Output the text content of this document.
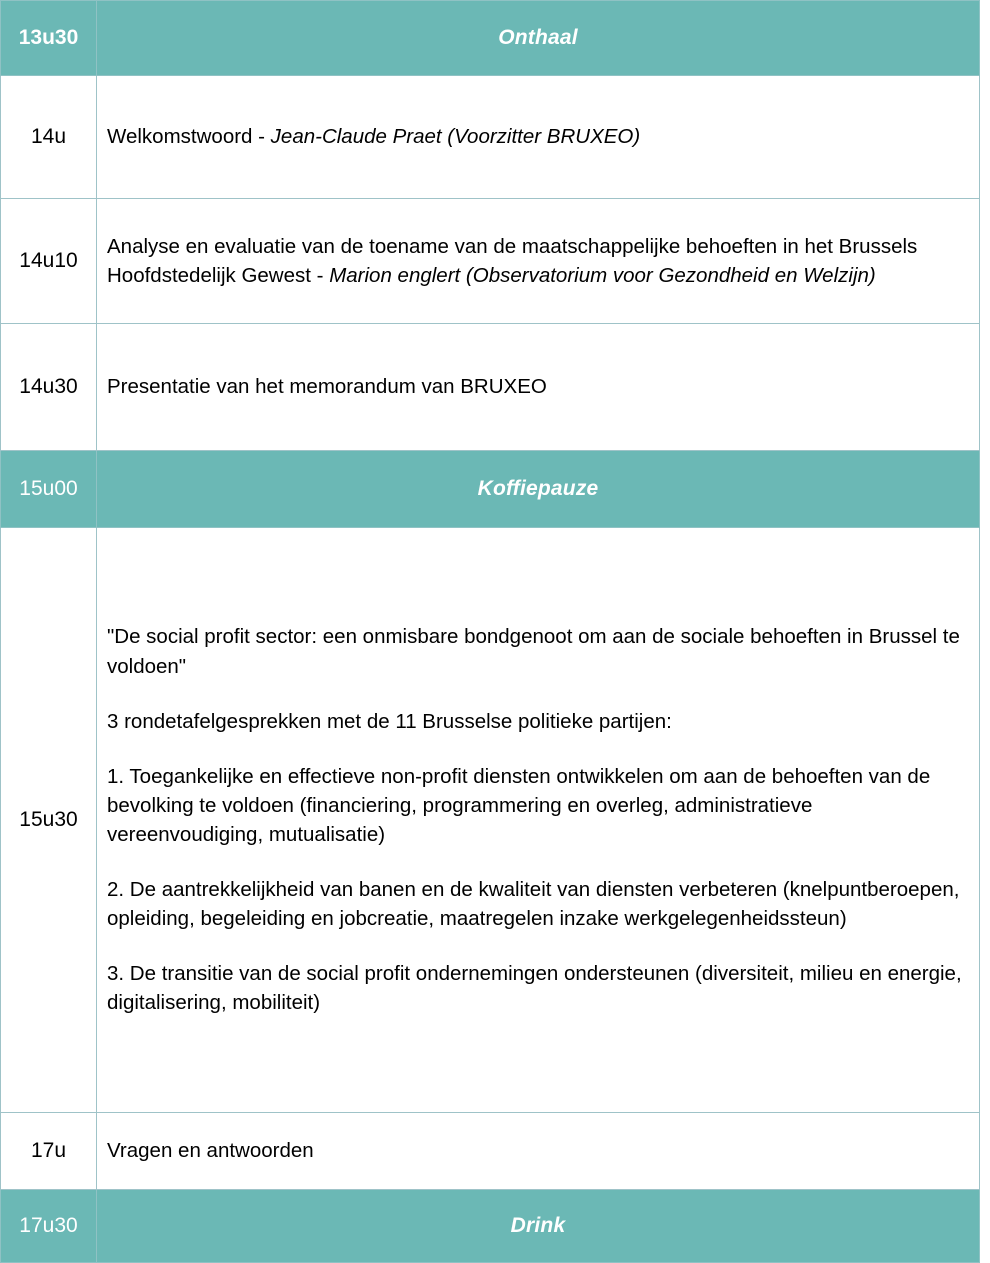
13u30	Onthaal
14u	Welkomstwoord - Jean-Claude Praet (Voorzitter BRUXEO)
14u10	Analyse en evaluatie van de toename van de maatschappelijke behoeften in het Brussels Hoofdstedelijk Gewest - Marion englert (Observatorium voor Gezondheid en Welzijn)
14u30	Presentatie van het memorandum van BRUXEO
15u00	Koffiepauze
15u30	"De social profit sector: een onmisbare bondgenoot om aan de sociale behoeften in Brussel te voldoen"

3 rondetafelgesprekken met de 11 Brusselse politieke partijen:

1. Toegankelijke en effectieve non-profit diensten ontwikkelen om aan de behoeften van de bevolking te voldoen (financiering, programmering en overleg, administratieve vereenvoudiging, mutualisatie)

2. De aantrekkelijkheid van banen en de kwaliteit van diensten verbeteren (knelpuntberoepen, opleiding, begeleiding en jobcreatie, maatregelen inzake werkgelegenheidssteun)

3. De transitie van de social profit ondernemingen ondersteunen (diversiteit, milieu en energie, digitalisering, mobiliteit)

17u	Vragen en antwoorden
17u30	Drink
